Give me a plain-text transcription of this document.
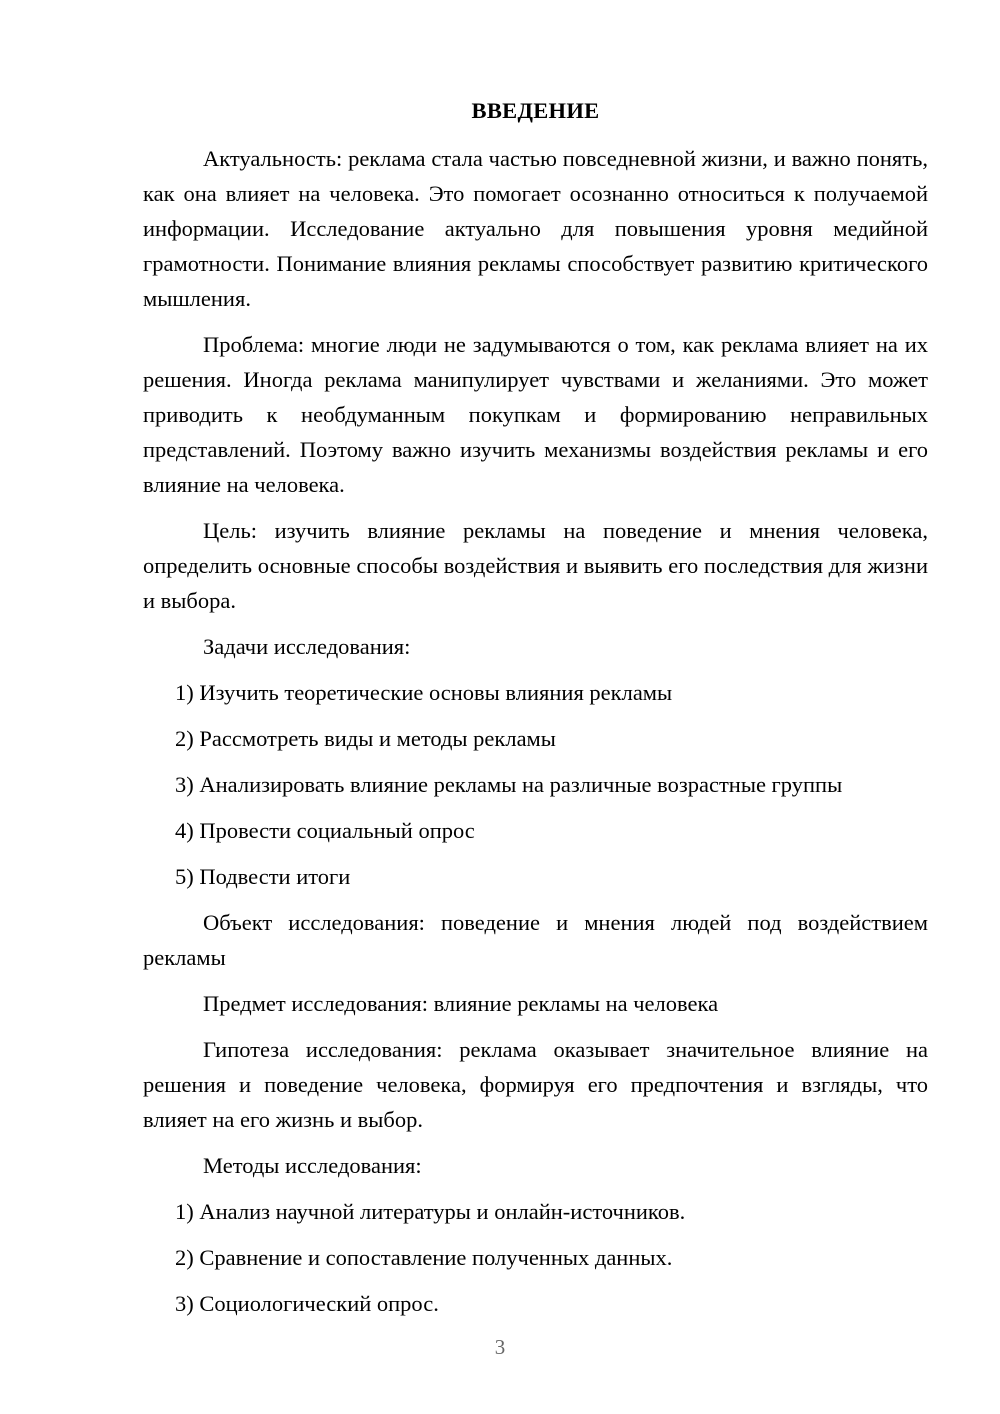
ВВЕДЕНИЕ

Актуальность: реклама стала частью повседневной жизни, и важно понять, как она влияет на человека. Это помогает осознанно относиться к получаемой информации. Исследование актуально для повышения уровня медийной грамотности. Понимание влияния рекламы способствует развитию критического мышления.

Проблема: многие люди не задумываются о том, как реклама влияет на их решения. Иногда реклама манипулирует чувствами и желаниями. Это может приводить к необдуманным покупкам и формированию неправильных представлений. Поэтому важно изучить механизмы воздействия рекламы и его влияние на человека.

Цель: изучить влияние рекламы на поведение и мнения человека, определить основные способы воздействия и выявить его последствия для жизни и выбора.

Задачи исследования:

1) Изучить теоретические основы влияния рекламы

2) Рассмотреть виды и методы рекламы

3) Анализировать влияние рекламы на различные возрастные группы

4) Провести социальный опрос

5) Подвести итоги

Объект исследования: поведение и мнения людей под воздействием рекламы

Предмет исследования: влияние рекламы на человека

Гипотеза исследования: реклама оказывает значительное влияние на решения и поведение человека, формируя его предпочтения и взгляды, что влияет на его жизнь и выбор.

Методы исследования:

1) Анализ научной литературы и онлайн-источников.

2) Сравнение и сопоставление полученных данных.

3) Социологический опрос.

3
